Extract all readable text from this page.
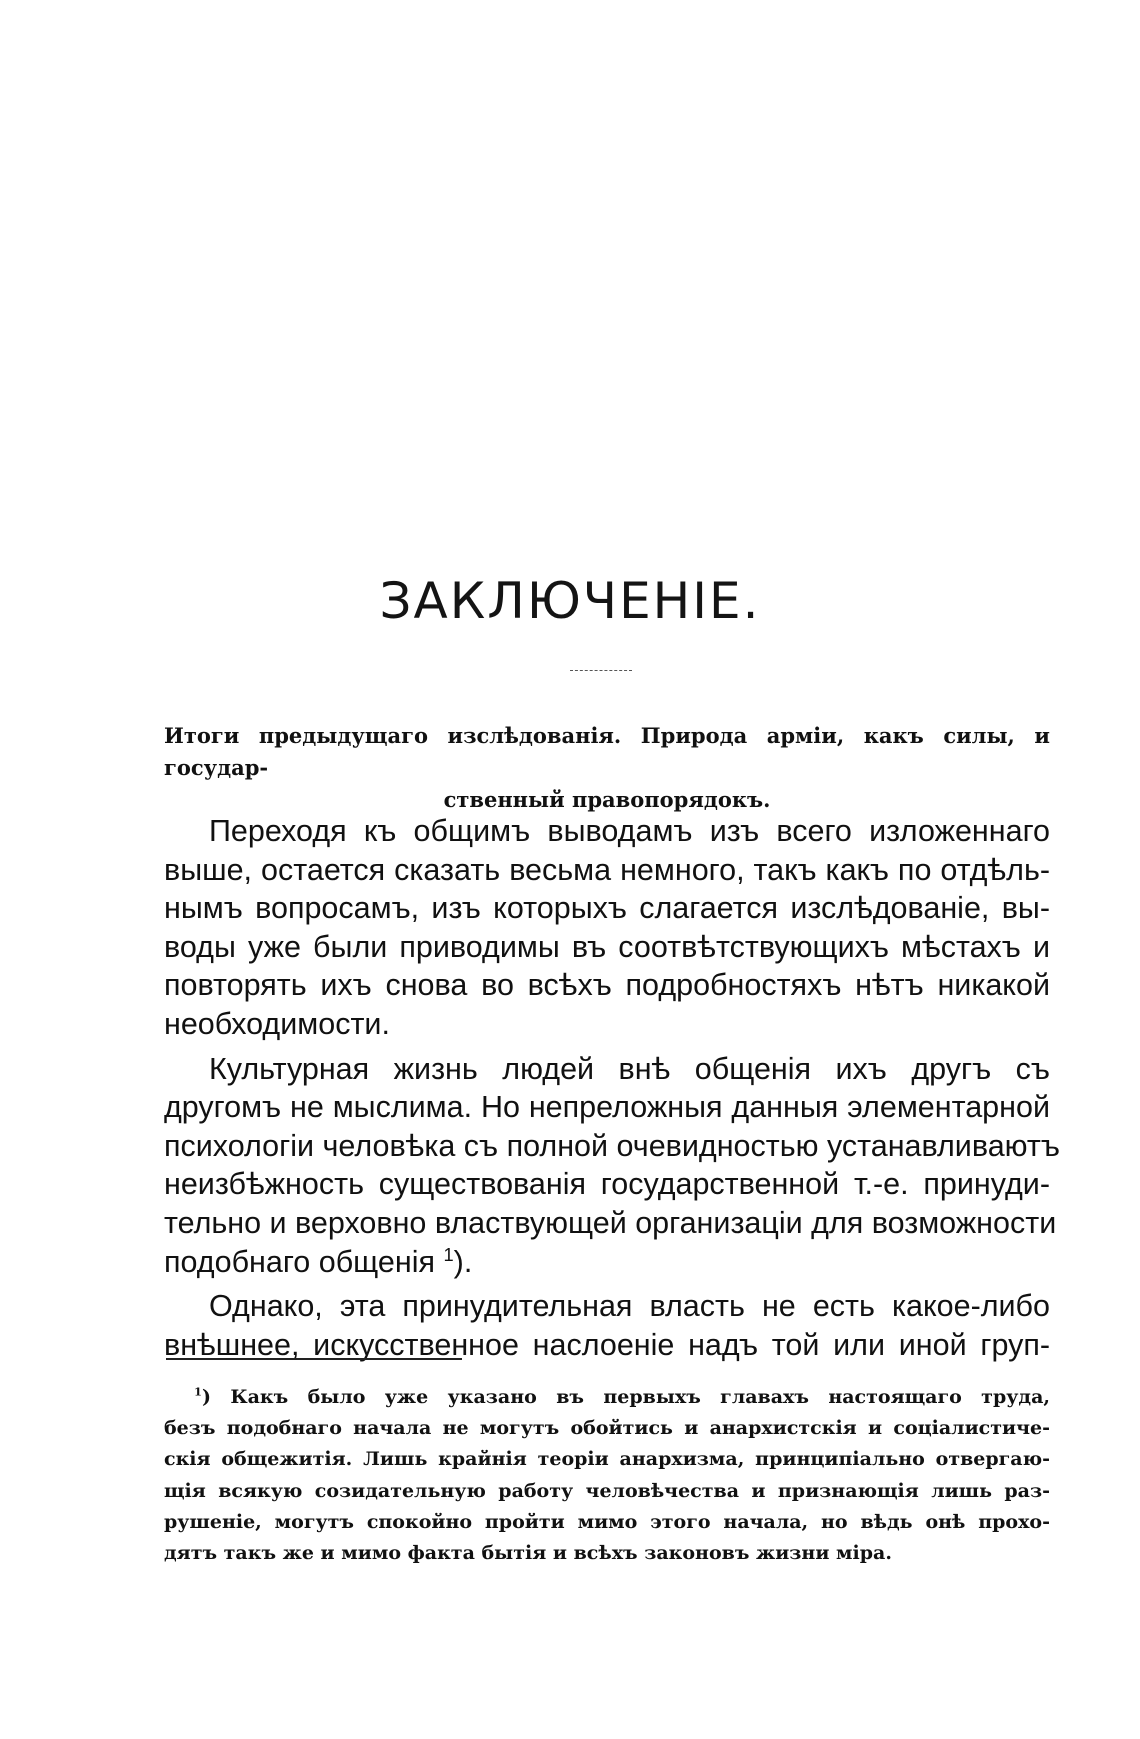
ЗАКЛЮЧЕНІЕ.

Итоги предыдущаго изслѣдованія. Природа арміи, какъ силы, и государ-
ственный правопорядокъ.

Переходя къ общимъ выводамъ изъ всего изложеннаго
выше, остается сказать весьма немного, такъ какъ по отдѣль-
нымъ вопросамъ, изъ которыхъ слагается изслѣдованіе, вы-
воды уже были приводимы въ соотвѣтствующихъ мѣстахъ и
повторять ихъ снова во всѣхъ подробностяхъ нѣтъ никакой
необходимости.
Культурная жизнь людей внѣ общенія ихъ другъ съ
другомъ не мыслима. Но непреложныя данныя элементарной
психологіи человѣка съ полной очевидностью устанавливаютъ
неизбѣжность существованія государственной т.-е. принуди-
тельно и верховно властвующей организаціи для возможности
подобнаго общенія $^1$).
Однако, эта принудительная власть не есть какое-либо
внѣшнее, искусственное наслоеніе надъ той или иной груп-
$^1$) Какъ было уже указано въ первыхъ главахъ настоящаго труда,
безъ подобнаго начала не могутъ обойтись и анархистскія и соціалистиче-
скія общежитія. Лишь крайнія теоріи анархизма, принципіально отвергаю-
щія всякую созидательную работу человѣчества и признающія лишь раз-
рушеніе, могутъ спокойно пройти мимо этого начала, но вѣдь онѣ прохо-
дятъ такъ же и мимо факта бытія и всѣхъ законовъ жизни міра.
